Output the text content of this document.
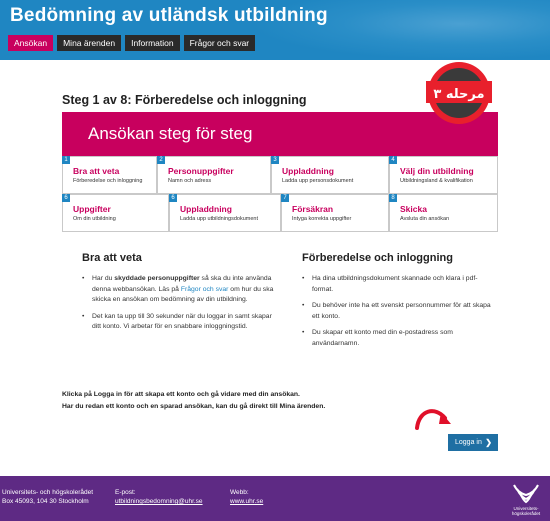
Bedömning av utländsk utbildning
Ansökan	Mina ärenden	Information	Frågor och svar
Steg 1 av 8: Förberedelse och inloggning
Ansökan steg för steg
1
Bra att veta
Förberedelse och inloggning
2
Personuppgifter
Namn och adress
3
Uppladdning
Ladda upp personsdokument
4
Välj din utbildning
Utbildningsland & kvalifikation
6
Uppgifter
Om din utbildning
6
Uppladdning
Ladda upp utbildningsdokument
7
Försäkran
Intyga korrekta uppgifter
8
Skicka
Avsluta din ansökan
Bra att veta
• Har du skyddade personuppgifter så ska du inte använda denna webbansökan. Läs på Frågor och svar om hur du ska skicka en ansökan om bedömning av din utbildning.
• Det kan ta upp till 30 sekunder när du loggar in samt skapar ditt konto. Vi arbetar för en snabbare inloggningstid.
Förberedelse och inloggning
• Ha dina utbildningsdokument skannade och klara i pdf-format.
• Du behöver inte ha ett svenskt personnummer för att skapa ett konto.
• Du skapar ett konto med din e-postadress som användarnamn.
Klicka på Logga in för att skapa ett konto och gå vidare med din ansökan.
Har du redan ett konto och en sparad ansökan, kan du gå direkt till Mina ärenden.
Logga in ❯
مرحله ۳
Universitets- och högskolerådet
Box 45093, 104 30 Stockholm
E-post:
utbildningsbedomning@uhr.se
Webb:
www.uhr.se
Universitets-
högskolerådet
